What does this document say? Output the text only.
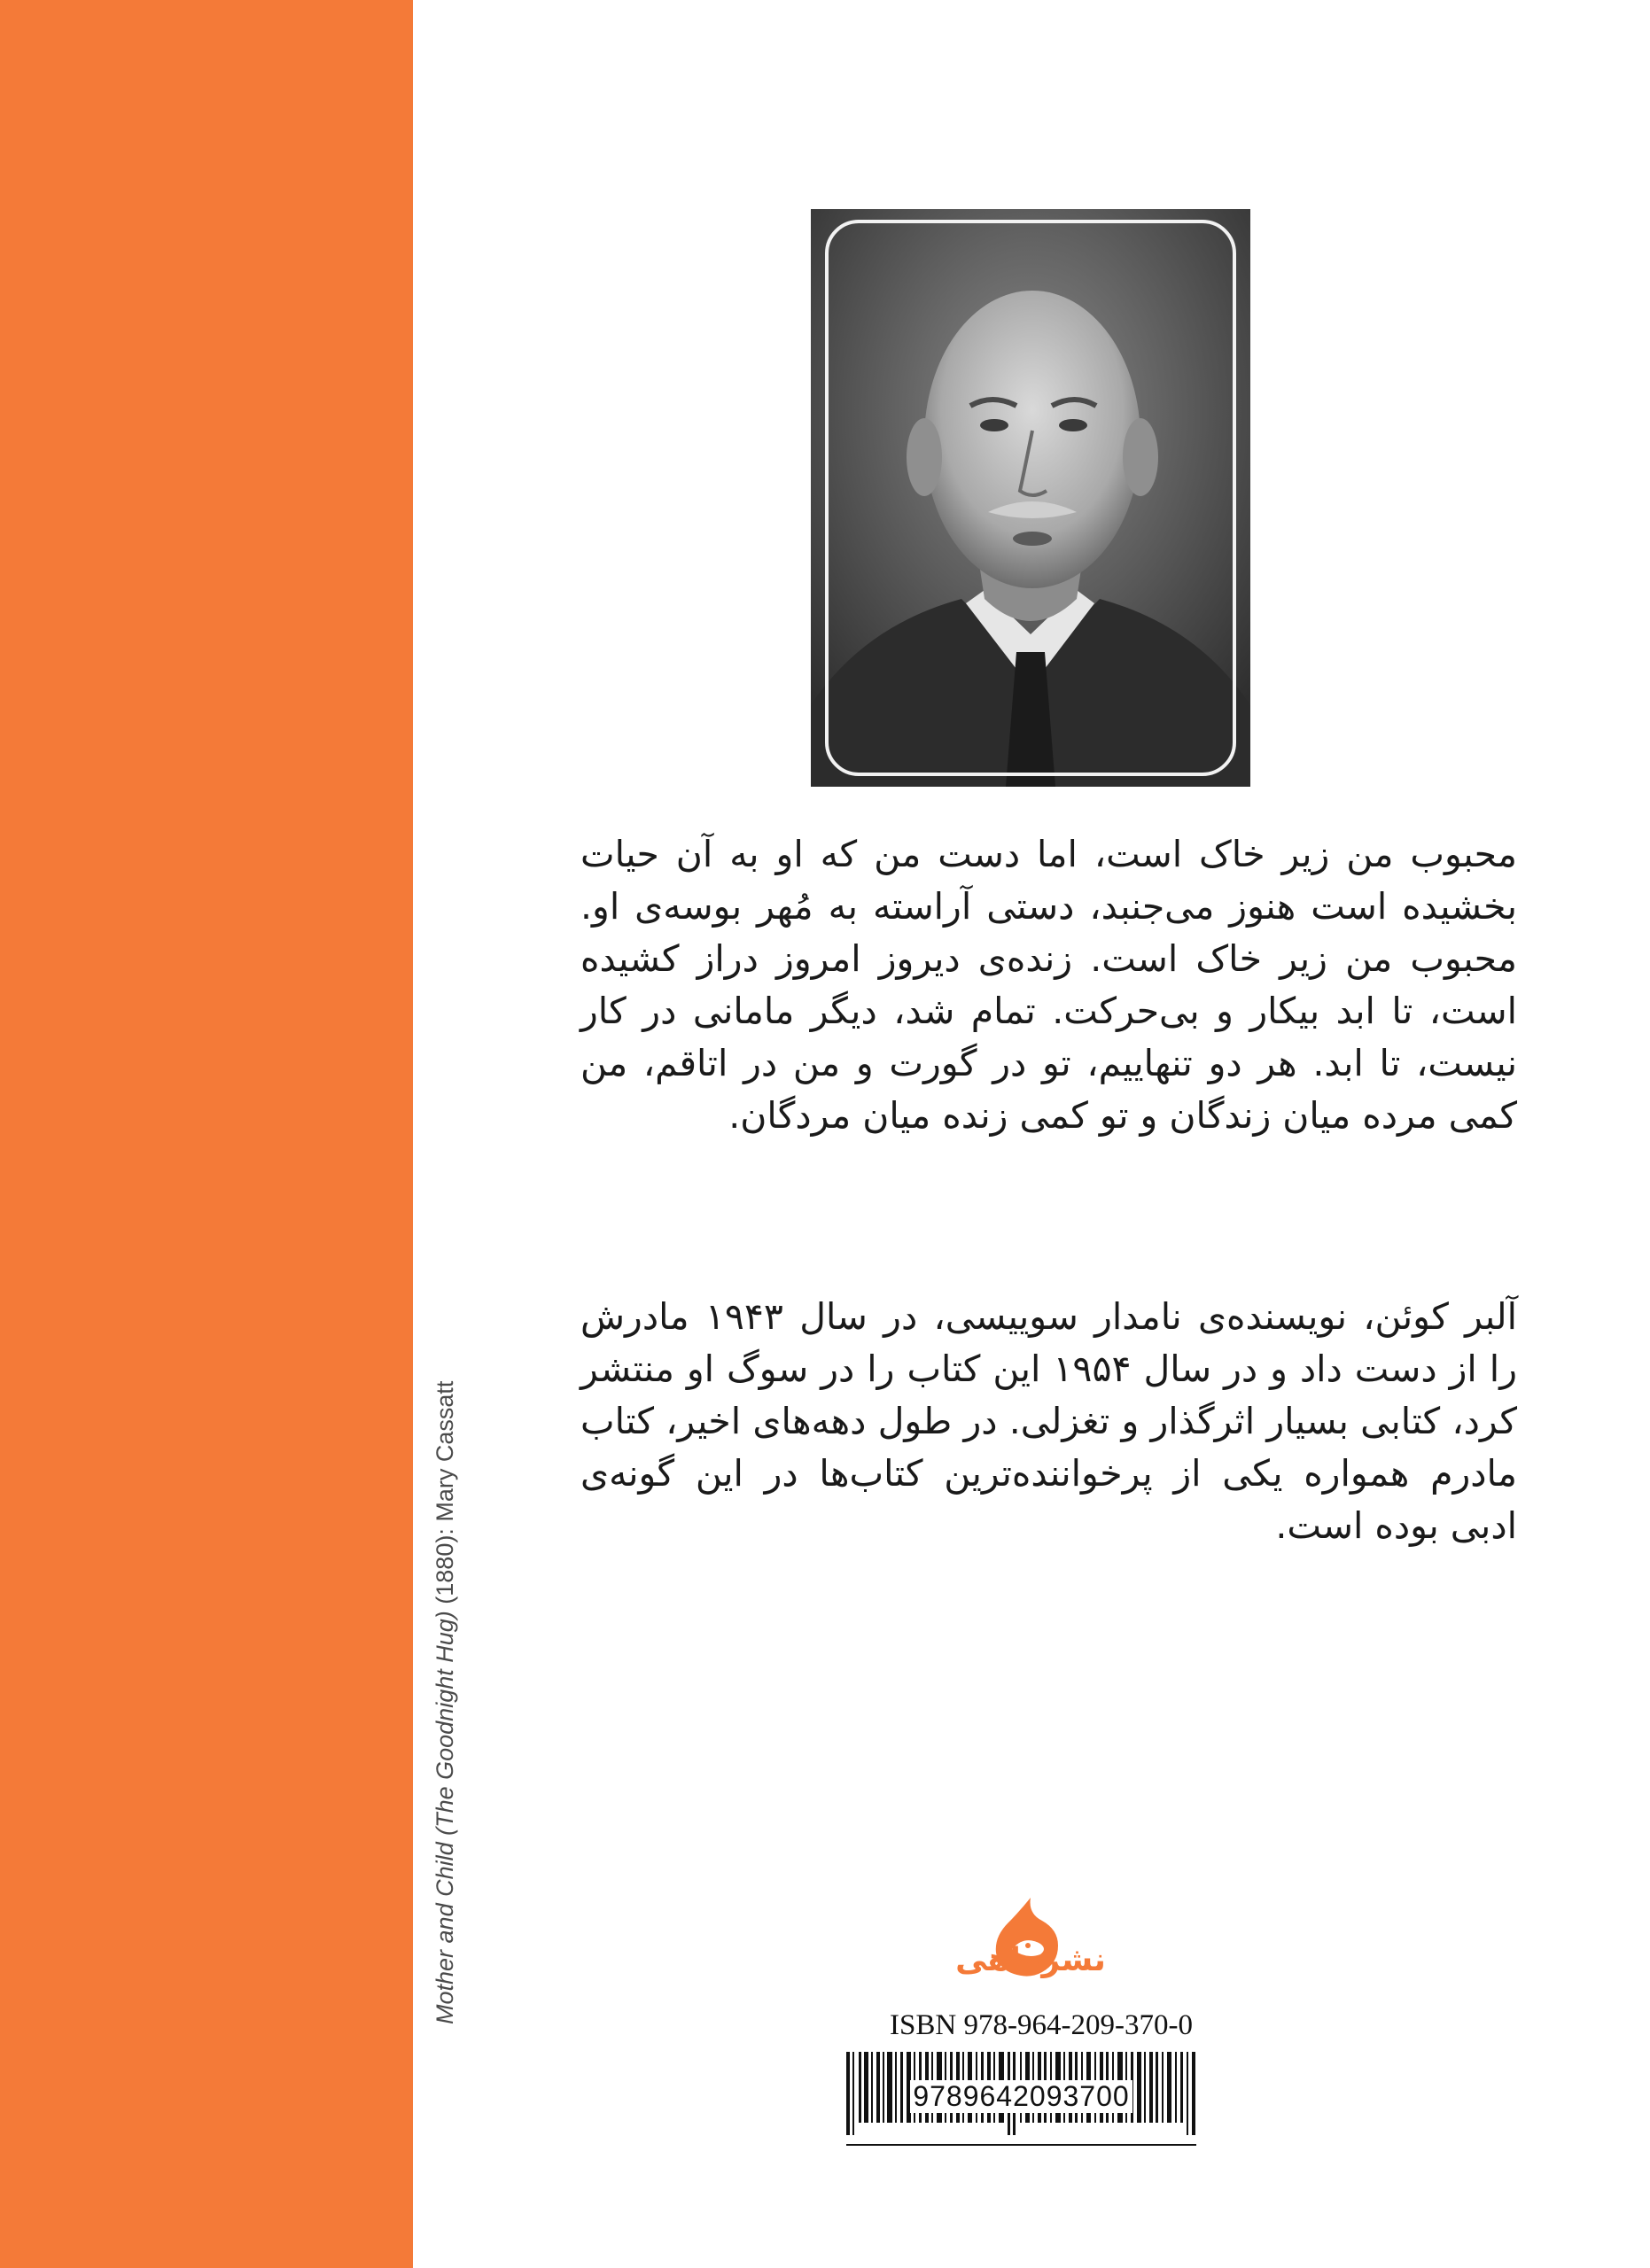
Mother and Child (The Goodnight Hug) (1880): Mary Cassatt
محبوب من زیر خاک است، اما دست من که او به آن حیات بخشیده است هنوز می‌جنبد، دستی آراسته به مُهر بوسه‌ی او. محبوب من زیر خاک است. زنده‌ی دیروز امروز دراز کشیده است، تا ابد بیکار و بی‌حرکت. تمام شد، دیگر مامانی در کار نیست، تا ابد. هر دو تنهاییم، تو در گورت و من در اتاقم، من کمی مرده میان زندگان و تو کمی زنده میان مردگان.
آلبر کوئن، نویسنده‌ی نامدار سوییسی، در سال ۱۹۴۳ مادرش را از دست داد و در سال ۱۹۵۴ این کتاب را در سوگ او منتشر کرد، کتابی بسیار اثرگذار و تغزلی. در طول دهه‌های اخیر، کتاب مادرم همواره یکی از پرخواننده‌ترین کتاب‌ها در این گونه‌ی ادبی بوده است.
نشرماهی
ISBN 978-964-209-370-0
9789642093700
